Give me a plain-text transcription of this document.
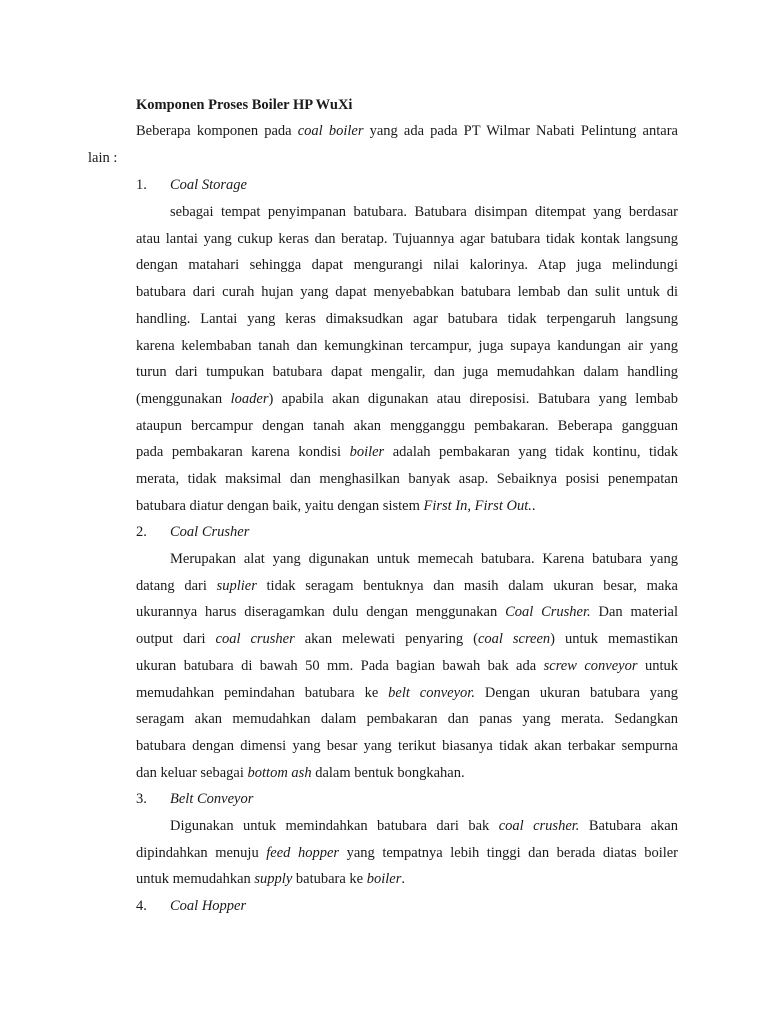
Komponen Proses Boiler HP WuXi
Beberapa komponen pada coal boiler yang ada pada PT Wilmar Nabati Pelintung antara
lain :
1. Coal Storage
sebagai tempat penyimpanan batubara. Batubara disimpan ditempat yang berdasar
atau lantai yang cukup keras dan beratap. Tujuannya agar batubara tidak kontak langsung
dengan matahari sehingga dapat mengurangi nilai kalorinya. Atap juga melindungi
batubara dari curah hujan yang dapat menyebabkan batubara lembab dan sulit untuk di
handling. Lantai yang keras dimaksudkan agar batubara tidak terpengaruh langsung
karena kelembaban tanah dan kemungkinan tercampur, juga supaya kandungan air yang
turun dari tumpukan batubara dapat mengalir, dan juga memudahkan dalam handling
(menggunakan loader) apabila akan digunakan atau direposisi. Batubara yang lembab
ataupun bercampur dengan tanah akan mengganggu pembakaran. Beberapa gangguan
pada pembakaran karena kondisi boiler adalah pembakaran yang tidak kontinu, tidak
merata, tidak maksimal dan menghasilkan banyak asap. Sebaiknya posisi penempatan
batubara diatur dengan baik, yaitu dengan sistem First In, First Out..
2. Coal Crusher
Merupakan alat yang digunakan untuk memecah batubara. Karena batubara yang
datang dari suplier tidak seragam bentuknya dan masih dalam ukuran besar, maka
ukurannya harus diseragamkan dulu dengan menggunakan Coal Crusher. Dan material
output dari coal crusher akan melewati penyaring (coal screen) untuk memastikan
ukuran batubara di bawah 50 mm. Pada bagian bawah bak ada screw conveyor untuk
memudahkan pemindahan batubara ke belt conveyor. Dengan ukuran batubara yang
seragam akan memudahkan dalam pembakaran dan panas yang merata. Sedangkan
batubara dengan dimensi yang besar yang terikut biasanya tidak akan terbakar sempurna
dan keluar sebagai bottom ash dalam bentuk bongkahan.
3. Belt Conveyor
Digunakan untuk memindahkan batubara dari bak coal crusher. Batubara akan
dipindahkan menuju feed hopper yang tempatnya lebih tinggi dan berada diatas boiler
untuk memudahkan supply batubara ke boiler.
4. Coal Hopper
